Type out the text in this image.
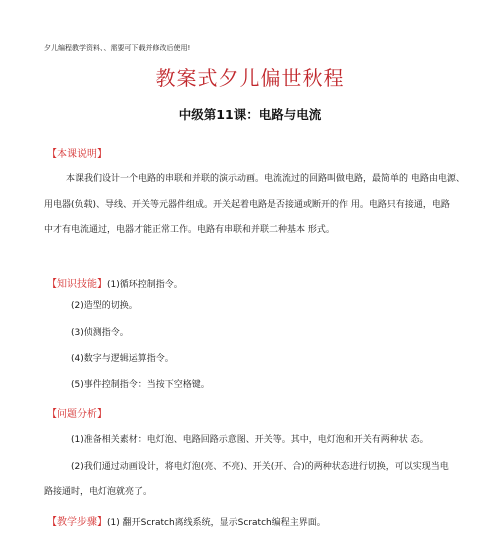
夕儿编程教学资料、、需要可下载并修改后使用!
教案式夕儿偏世秋程
中级第11课：电路与电流
【本课说明】
本课我们设计一个电路的串联和并联的演示动画。电流流过的回路叫做电路，最简单的 电路由电源、
用电器(负载)、导线、开关等元器件组成。开关起着电路是否接通或断开的作 用。电路只有接通，电路
中才有电流通过，电器才能正常工作。电路有串联和并联二种基本 形式。
【知识技能】(1)循环控制指令。
(2)造型的切换。
(3)侦测指令。
(4)数字与逻辑运算指令。
(5)事件控制指令：当按下空格键。
【问题分析】
(1)准备相关素材：电灯泡、电路回路示意图、开关等。其中，电灯泡和开关有两种状 态。
(2)我们通过动画设计，将电灯泡(亮、不亮)、开关(开、合)的两种状态进行切换，可以实现当电
路接通时，电灯泡就亮了。
【教学步骤】(1) 翻开Scratch离线系统，显示Scratch编程主界面。
